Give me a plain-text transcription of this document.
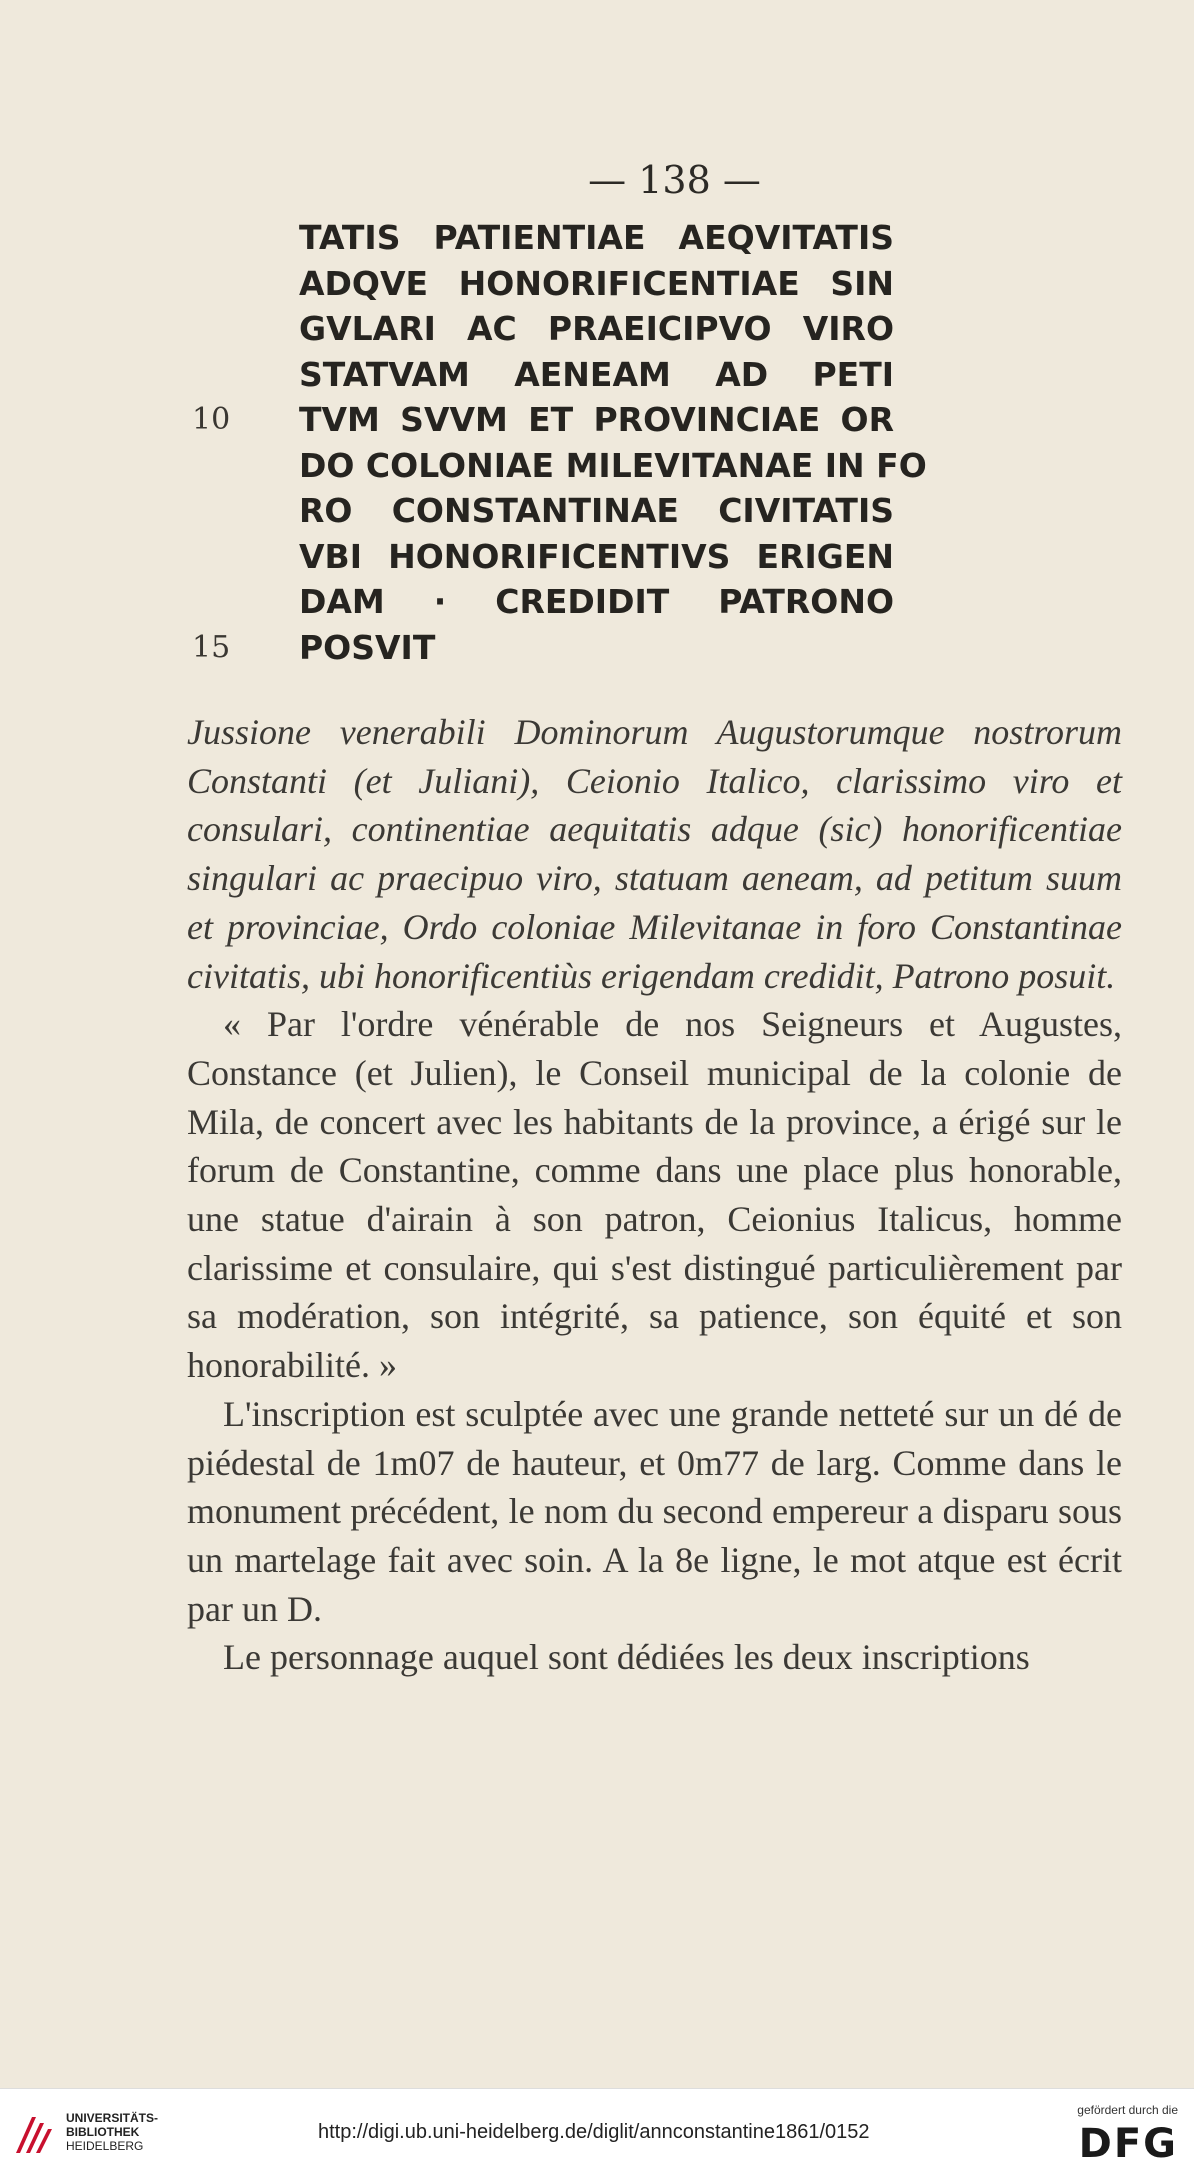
— 138 —
TATIS PATIENTIAE AEQVITATIS
ADQVE HONORIFICENTIAE SIN
GVLARI AC PRAEICIPVO VIRO
STATVAM AENEAM AD PETI
10 TVM SVVM ET PROVINCIAE OR
DO COLONIAE MILEVITANAE IN FO
RO CONSTANTINAE CIVITATIS
VBI HONORIFICENTIVS ERIGEN
DAM · CREDIDIT PATRONO
15 POSVIT

Jussione venerabili Dominorum Augustorumque nostrorum Constanti (et Juliani), Ceionio Italico, clarissimo viro et consulari, continentiae aequitatis adque (sic) honorificentiae singulari ac praecipuo viro, statuam aeneam, ad petitum suum et provinciae, Ordo coloniae Milevitanae in foro Constantinae civitatis, ubi honorificentiùs erigendam credidit, Patrono posuit.

« Par l'ordre vénérable de nos Seigneurs et Augustes, Constance (et Julien), le Conseil municipal de la colonie de Mila, de concert avec les habitants de la province, a érigé sur le forum de Constantine, comme dans une place plus honorable, une statue d'airain à son patron, Ceionius Italicus, homme clarissime et consulaire, qui s'est distingué particulièrement par sa modération, son intégrité, sa patience, son équité et son honorabilité. »

L'inscription est sculptée avec une grande netteté sur un dé de piédestal de 1m07 de hauteur, et 0m77 de larg. Comme dans le monument précédent, le nom du second empereur a disparu sous un martelage fait avec soin. A la 8e ligne, le mot atque est écrit par un D.

Le personnage auquel sont dédiées les deux inscriptions

UNIVERSITÄTS-
BIBLIOTHEK
HEIDELBERG
http://digi.ub.uni-heidelberg.de/diglit/annconstantine1861/0152
gefördert durch die
DFG
